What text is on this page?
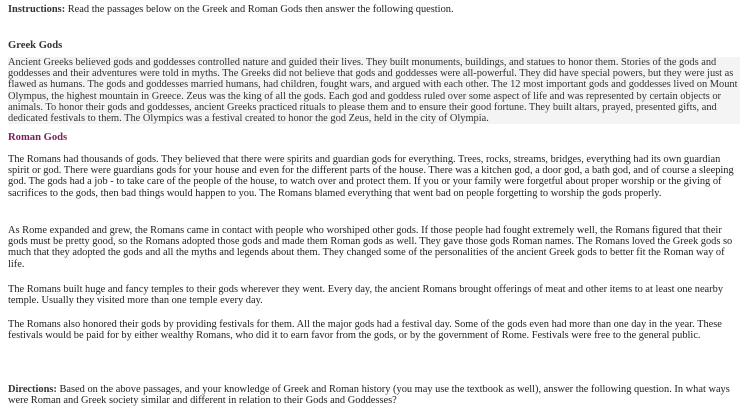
Instructions: Read the passages below on the Greek and Roman Gods then answer the following question.

Greek Gods

Ancient Greeks believed gods and goddesses controlled nature and guided their lives. They built monuments, buildings, and statues to honor them. Stories of the gods and goddesses and their adventures were told in myths. The Greeks did not believe that gods and goddesses were all-powerful. They did have special powers, but they were just as flawed as humans. The gods and goddesses married humans, had children, fought wars, and argued with each other. The 12 most important gods and goddesses lived on Mount Olympus, the highest mountain in Greece. Zeus was the king of all the gods. Each god and goddess ruled over some aspect of life and was represented by certain objects or animals. To honor their gods and goddesses, ancient Greeks practiced rituals to please them and to ensure their good fortune. They built altars, prayed, presented gifts, and dedicated festivals to them. The Olympics was a festival created to honor the god Zeus, held in the city of Olympia.

Roman Gods

The Romans had thousands of gods. They believed that there were spirits and guardian gods for everything. Trees, rocks, streams, bridges, everything had its own guardian spirit or god. There were guardians gods for your house and even for the different parts of the house. There was a kitchen god, a door god, a bath god, and of course a sleeping god. The gods had a job - to take care of the people of the house, to watch over and protect them. If you or your family were forgetful about proper worship or the giving of sacrifices to the gods, then bad things would happen to you. The Romans blamed everything that went bad on people forgetting to worship the gods properly.

As Rome expanded and grew, the Romans came in contact with people who worshiped other gods. If those people had fought extremely well, the Romans figured that their gods must be pretty good, so the Romans adopted those gods and made them Roman gods as well. They gave those gods Roman names. The Romans loved the Greek gods so much that they adopted the gods and all the myths and legends about them. They changed some of the personalities of the ancient Greek gods to better fit the Roman way of life.

The Romans built huge and fancy temples to their gods wherever they went. Every day, the ancient Romans brought offerings of meat and other items to at least one nearby temple. Usually they visited more than one temple every day.

The Romans also honored their gods by providing festivals for them. All the major gods had a festival day. Some of the gods even had more than one day in the year. These festivals would be paid for by either wealthy Romans, who did it to earn favor from the gods, or by the government of Rome. Festivals were free to the general public.

Directions: Based on the above passages, and your knowledge of Greek and Roman history (you may use the textbook as well), answer the following question. In what ways were Roman and Greek society similar and different in relation to their Gods and Goddesses?
